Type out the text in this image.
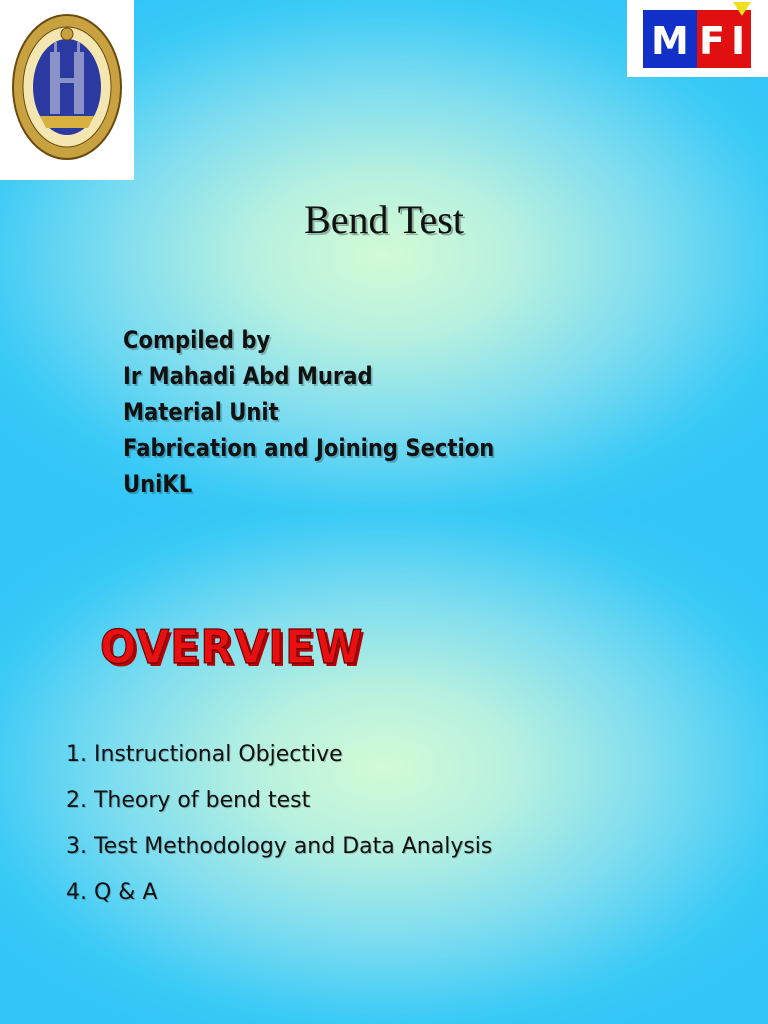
M F I
Bend Test
Compiled by
Ir Mahadi Abd Murad
Material Unit
Fabrication and Joining Section
UniKL
OVERVIEW
1. Instructional Objective
2. Theory of bend test
3. Test Methodology and Data Analysis
4. Q & A
